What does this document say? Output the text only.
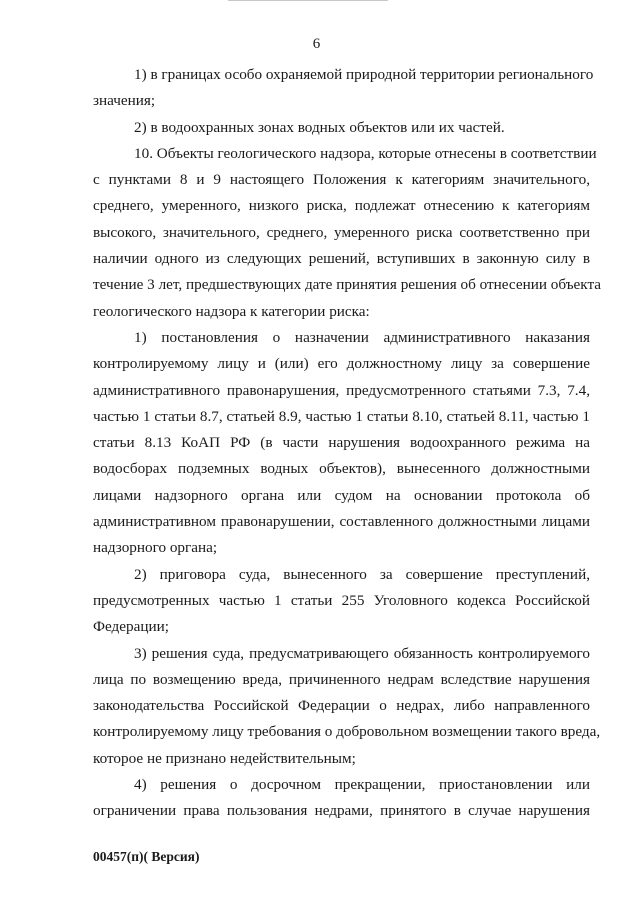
6

1) в границах особо охраняемой природной территории регионального
значения;

2) в водоохранных зонах водных объектов или их частей.

10. Объекты геологического надзора, которые отнесены в соответствии
с пунктами 8 и 9 настоящего Положения к категориям значительного,
среднего, умеренного, низкого риска, подлежат отнесению к категориям
высокого, значительного, среднего, умеренного риска соответственно при
наличии одного из следующих решений, вступивших в законную силу в
течение 3 лет, предшествующих дате принятия решения об отнесении объекта
геологического надзора к категории риска:

1) постановления о назначении административного наказания
контролируемому лицу и (или) его должностному лицу за совершение
административного правонарушения, предусмотренного статьями 7.3, 7.4,
частью 1 статьи 8.7, статьей 8.9, частью 1 статьи 8.10, статьей 8.11, частью 1
статьи 8.13 КоАП РФ (в части нарушения водоохранного режима на
водосборах подземных водных объектов), вынесенного должностными
лицами надзорного органа или судом на основании протокола об
административном правонарушении, составленного должностными лицами
надзорного органа;

2) приговора суда, вынесенного за совершение преступлений,
предусмотренных частью 1 статьи 255 Уголовного кодекса Российской
Федерации;

3) решения суда, предусматривающего обязанность контролируемого
лица по возмещению вреда, причиненного недрам вследствие нарушения
законодательства Российской Федерации о недрах, либо направленного
контролируемому лицу требования о добровольном возмещении такого вреда,
которое не признано недействительным;

4) решения о досрочном прекращении, приостановлении или
ограничении права пользования недрами, принятого в случае нарушения

00457(п)( Версия)
